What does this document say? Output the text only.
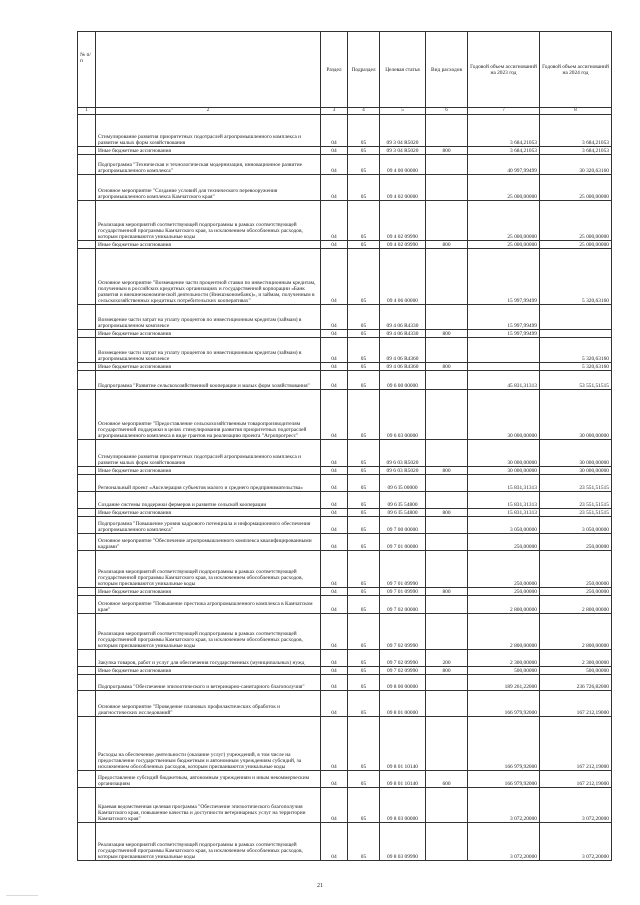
№ п/п		Раздел	Подраздел	Целевая статья	Вид расходов	Годовой объем ассигнований на 2023 год	Годовой объем ассигнований на 2024 год
1	2	3	4	5	6	7	8
	Стимулирование развития приоритетных подотраслей агропромышленного комплекса и развитие малых форм хозяйствования	04	05	09 3 04 R5020		3 684,21053	3 684,21053
	Иные бюджетные ассигнования	04	05	09 3 04 R5020	800	3 684,21053	3 684,21053
	Подпрограмма "Техническая и технологическая модернизация, инновационное развитие агропромышленного комплекса"	04	05	09 4 00 00000		40 997,99499	30 320,63160
	Основное мероприятие "Создание условий для технического перевооружения агропромышленного комплекса Камчатского края"	04	05	09 4 02 00000		25 000,00000	25 000,00000
	Реализация мероприятий соответствующей подпрограммы в рамках соответствующей государственной программы Камчатского края, за исключением обособленных расходов, которым присваиваются уникальные коды	04	05	09 4 02 09990		25 000,00000	25 000,00000
	Иные бюджетные ассигнования	04	05	09 4 02 09990	800	25 000,00000	25 000,00000
	Основное мероприятие "Возмещение части процентной ставки по инвестиционным кредитам, полученным в российских кредитных организациях и государственной корпорации «Банк развития и внешнеэкономической деятельности (Внешэкономбанк)», и займам, полученным в сельскохозяйственных кредитных потребительских кооперативах"	04	05	09 4 06 00000		15 997,99499	5 320,63160
	Возмещение части затрат на уплату процентов по инвестиционным кредитам (займам) в агропромышленном комплексе	04	05	09 4 06 R4330		15 997,99499	
	Иные бюджетные ассигнования	04	05	09 4 06 R4330	800	15 997,99499	
	Возмещение части затрат на уплату процентов по инвестиционным кредитам (займам) в агропромышленном комплексе	04	05	09 4 06 R4360			5 320,63160
	Иные бюджетные ассигнования	04	05	09 4 06 R4360	800		5 320,63160
	Подпрограмма "Развитие сельскохозяйственной кооперации и малых форм хозяйствования"	04	05	09 6 00 00000		45 831,31313	53 551,51515
	Основное мероприятие "Предоставление сельскохозяйственным товаропроизводителям государственной поддержки в целях стимулирования развития приоритетных подотраслей агропромышленного комплекса в виде грантов на реализацию проекта "Агропрогресс"	04	05	09 6 03 00000		30 000,00000	30 000,00000
	Стимулирование развития приоритетных подотраслей агропромышленного комплекса и развитие малых форм хозяйствования	04	05	09 6 03 R5020		30 000,00000	30 000,00000
	Иные бюджетные ассигнования	04	05	09 6 03 R5020	800	30 000,00000	30 000,00000
	Региональный проект «Акселерация субъектов малого и среднего предпринимательства»	04	05	09 6 I5 00000		15 831,31313	23 551,51515
	Создание системы поддержки фермеров и развитие сельской кооперации	04	05	09 6 I5 54800		15 831,31313	23 551,51515
	Иные бюджетные ассигнования	04	05	09 6 I5 54800	800	15 831,31313	23 551,51515
	Подпрограмма "Повышение уровня кадрового потенциала и информационного обеспечения агропромышленного комплекса"	04	05	09 7 00 00000		3 050,00000	3 050,00000
	Основное мероприятие "Обеспечение агропромышленного комплекса квалифицированными кадрами"	04	05	09 7 01 00000		250,00000	250,00000
	Реализация мероприятий соответствующей подпрограммы в рамках соответствующей государственной программы Камчатского края, за исключением обособленных расходов, которым присваиваются уникальные коды	04	05	09 7 01 09990		250,00000	250,00000
	Иные бюджетные ассигнования	04	05	09 7 01 09990	800	250,00000	250,00000
	Основное мероприятие "Повышение престижа агропромышленного комплекса в Камчатском крае"	04	05	09 7 02 00000		2 800,00000	2 800,00000
	Реализация мероприятий соответствующей подпрограммы в рамках соответствующей государственной программы Камчатского края, за исключением обособленных расходов, которым присваиваются уникальные коды	04	05	09 7 02 09990		2 800,00000	2 800,00000
	Закупка товаров, работ и услуг для обеспечения государственных (муниципальных) нужд	04	05	09 7 02 09990	200	2 300,00000	2 300,00000
	Иные бюджетные ассигнования	04	05	09 7 02 09990	800	500,00000	500,00000
	Подпрограмма "Обеспечение эпизоотического и ветеринарно-санитарного благополучия"	04	05	09 8 00 00000		189 261,22000	236 726,82000
	Основное мероприятие "Проведение плановых профилактических обработок и диагностических исследований"	04	05	09 8 01 00000		166 979,92000	167 212,19000
	Расходы на обеспечение деятельности (оказание услуг) учреждений, в том числе на предоставление государственным бюджетным и автономным учреждениям субсидий, за исключением обособленных расходов, которым присваиваются уникальные коды	04	05	09 8 01 10140		166 979,92000	167 212,19000
	Предоставление субсидий бюджетным, автономным учреждениям и иным некоммерческим организациям	04	05	09 8 01 10140	600	166 979,92000	167 212,19000
	Краевая ведомственная целевая программа "Обеспечение эпизоотического благополучия Камчатского края, повышение качества и доступности ветеринарных услуг на территории Камчатского края"	04	05	09 8 03 00000		3 072,20000	3 072,20000
	Реализация мероприятий соответствующей подпрограммы в рамках соответствующей государственной программы Камчатского края, за исключением обособленных расходов, которым присваиваются уникальные коды	04	05	09 8 03 09990		3 072,20000	3 072,20000
21
________________
